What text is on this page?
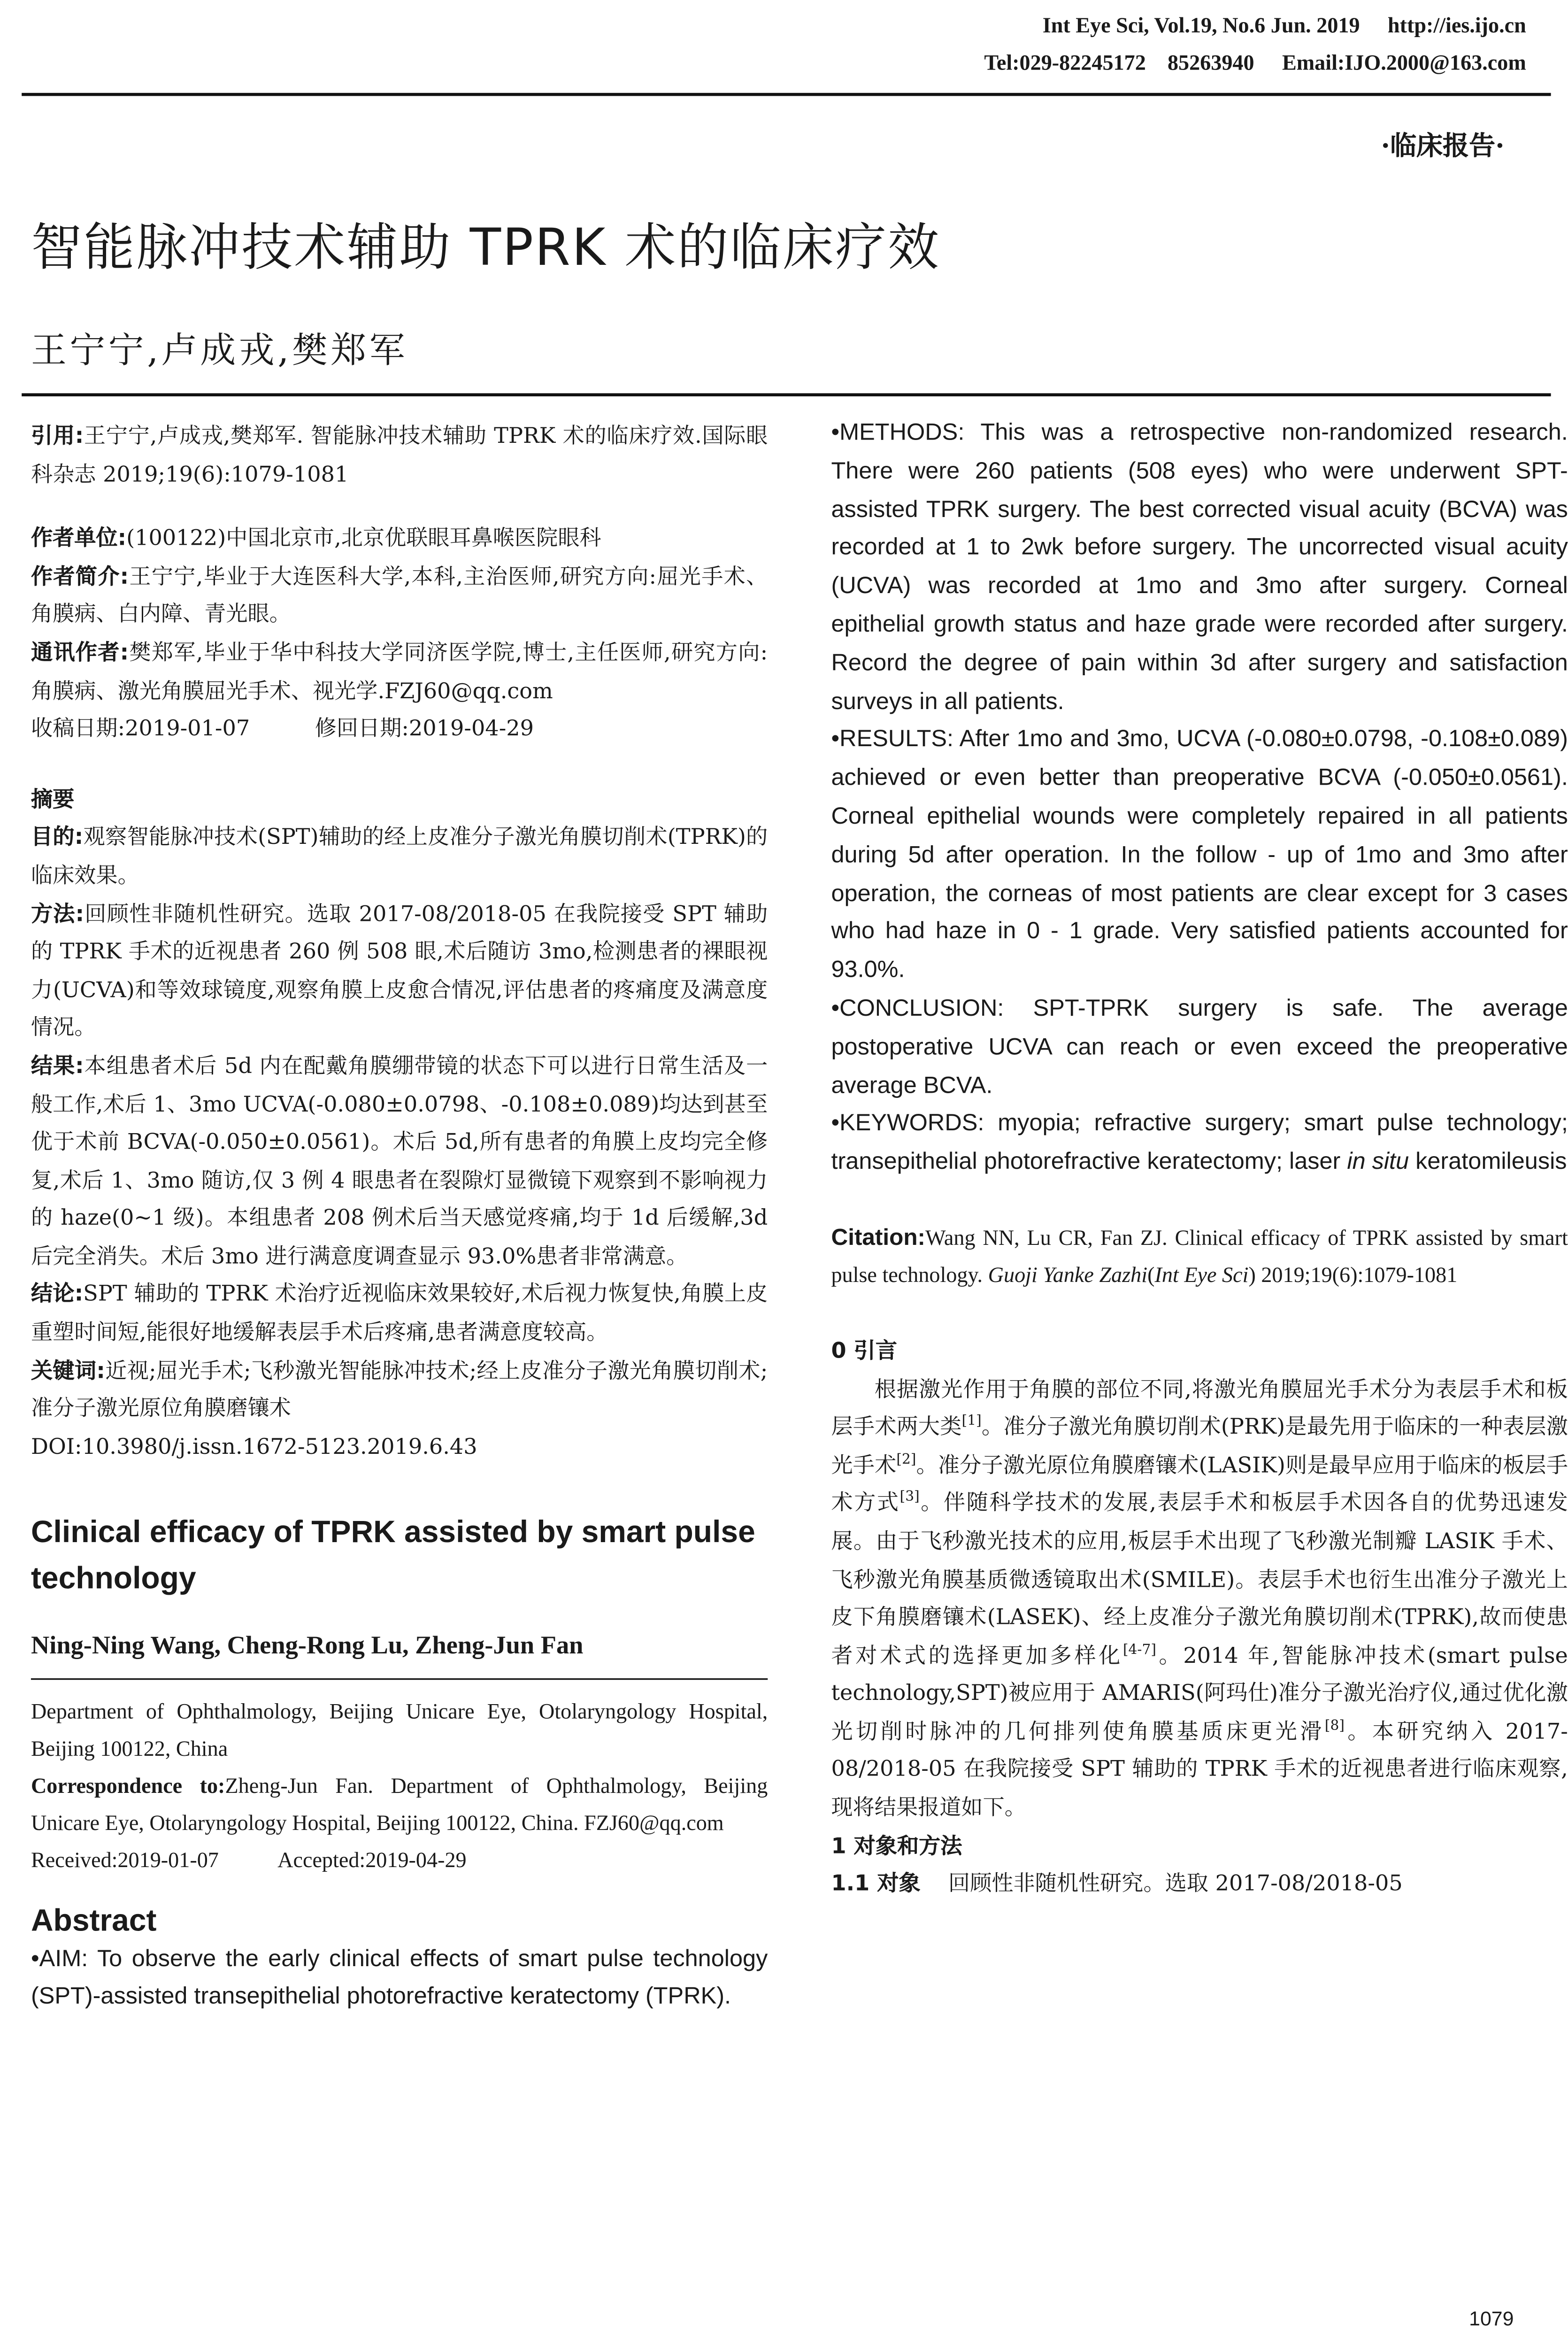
Int Eye Sci, Vol.19, No.6 Jun. 2019	http://ies.ijo.cn
Tel:029-82245172　85263940	Email:IJO.2000@163.com
·临床报告·
智能脉冲技术辅助 TPRK 术的临床疗效
王宁宁,卢成戎,樊郑军

引用:王宁宁,卢成戎,樊郑军. 智能脉冲技术辅助 TPRK 术的临床疗效.国际眼科杂志 2019;19(6):1079-1081

作者单位:(100122)中国北京市,北京优联眼耳鼻喉医院眼科

作者简介:王宁宁,毕业于大连医科大学,本科,主治医师,研究方向:屈光手术、角膜病、白内障、青光眼。

通讯作者:樊郑军,毕业于华中科技大学同济医学院,博士,主任医师,研究方向:角膜病、激光角膜屈光手术、视光学.FZJ60@qq.com

收稿日期:2019-01-07	修回日期:2019-04-29

摘要

目的:观察智能脉冲技术(SPT)辅助的经上皮准分子激光角膜切削术(TPRK)的临床效果。

方法:回顾性非随机性研究。选取 2017-08/2018-05 在我院接受 SPT 辅助的 TPRK 手术的近视患者 260 例 508 眼,术后随访 3mo,检测患者的裸眼视力(UCVA)和等效球镜度,观察角膜上皮愈合情况,评估患者的疼痛度及满意度情况。

结果:本组患者术后 5d 内在配戴角膜绷带镜的状态下可以进行日常生活及一般工作,术后 1、3mo UCVA(-0.080±0.0798、-0.108±0.089)均达到甚至优于术前 BCVA(-0.050±0.0561)。术后 5d,所有患者的角膜上皮均完全修复,术后 1、3mo 随访,仅 3 例 4 眼患者在裂隙灯显微镜下观察到不影响视力的 haze(0~1 级)。本组患者 208 例术后当天感觉疼痛,均于 1d 后缓解,3d 后完全消失。术后 3mo 进行满意度调查显示 93.0%患者非常满意。

结论:SPT 辅助的 TPRK 术治疗近视临床效果较好,术后视力恢复快,角膜上皮重塑时间短,能很好地缓解表层手术后疼痛,患者满意度较高。

关键词:近视;屈光手术;飞秒激光智能脉冲技术;经上皮准分子激光角膜切削术;准分子激光原位角膜磨镶术

DOI:10.3980/j.issn.1672-5123.2019.6.43

Clinical efficacy of TPRK assisted by smart pulse technology
Ning-Ning Wang, Cheng-Rong Lu, Zheng-Jun Fan

Department of Ophthalmology, Beijing Unicare Eye, Otolaryngology Hospital, Beijing 100122, China

Correspondence to:Zheng-Jun Fan. Department of Ophthalmology, Beijing Unicare Eye, Otolaryngology Hospital, Beijing 100122, China. FZJ60@qq.com

Received:2019-01-07	Accepted:2019-04-29

Abstract

•AIM: To observe the early clinical effects of smart pulse technology (SPT)-assisted transepithelial photorefractive keratectomy (TPRK).

•METHODS: This was a retrospective non-randomized research. There were 260 patients (508 eyes) who were underwent SPT-assisted TPRK surgery. The best corrected visual acuity (BCVA) was recorded at 1 to 2wk before surgery. The uncorrected visual acuity (UCVA) was recorded at 1mo and 3mo after surgery. Corneal epithelial growth status and haze grade were recorded after surgery. Record the degree of pain within 3d after surgery and satisfaction surveys in all patients.

•RESULTS: After 1mo and 3mo, UCVA (-0.080±0.0798, -0.108±0.089) achieved or even better than preoperative BCVA (-0.050±0.0561). Corneal epithelial wounds were completely repaired in all patients during 5d after operation. In the follow - up of 1mo and 3mo after operation, the corneas of most patients are clear except for 3 cases who had haze in 0 - 1 grade. Very satisfied patients accounted for 93.0%.

•CONCLUSION:	SPT-TPRK surgery is safe. The average postoperative UCVA can reach or even exceed the preoperative average BCVA.

•KEYWORDS: myopia; refractive surgery; smart pulse technology; transepithelial photorefractive keratectomy; laser in situ keratomileusis

Citation:Wang NN, Lu CR, Fan ZJ. Clinical efficacy of TPRK assisted by smart pulse technology. Guoji Yanke Zazhi(Int Eye Sci) 2019;19(6):1079-1081

0 引言

根据激光作用于角膜的部位不同,将激光角膜屈光手术分为表层手术和板层手术两大类[1]。准分子激光角膜切削术(PRK)是最先用于临床的一种表层激光手术[2]。准分子激光原位角膜磨镶术(LASIK)则是最早应用于临床的板层手术方式[3]。伴随科学技术的发展,表层手术和板层手术因各自的优势迅速发展。由于飞秒激光技术的应用,板层手术出现了飞秒激光制瓣 LASIK 手术、飞秒激光角膜基质微透镜取出术(SMILE)。表层手术也衍生出准分子激光上皮下角膜磨镶术(LASEK)、经上皮准分子激光角膜切削术(TPRK),故而使患者对术式的选择更加多样化[4-7]。2014 年,智能脉冲技术(smart pulse technology,SPT)被应用于 AMARIS(阿玛仕)准分子激光治疗仪,通过优化激光切削时脉冲的几何排列使角膜基质床更光滑[8]。本研究纳入 2017-08/2018-05 在我院接受 SPT 辅助的 TPRK 手术的近视患者进行临床观察,现将结果报道如下。

1 对象和方法

1.1 对象	回顾性非随机性研究。选取 2017-08/2018-05

1079
